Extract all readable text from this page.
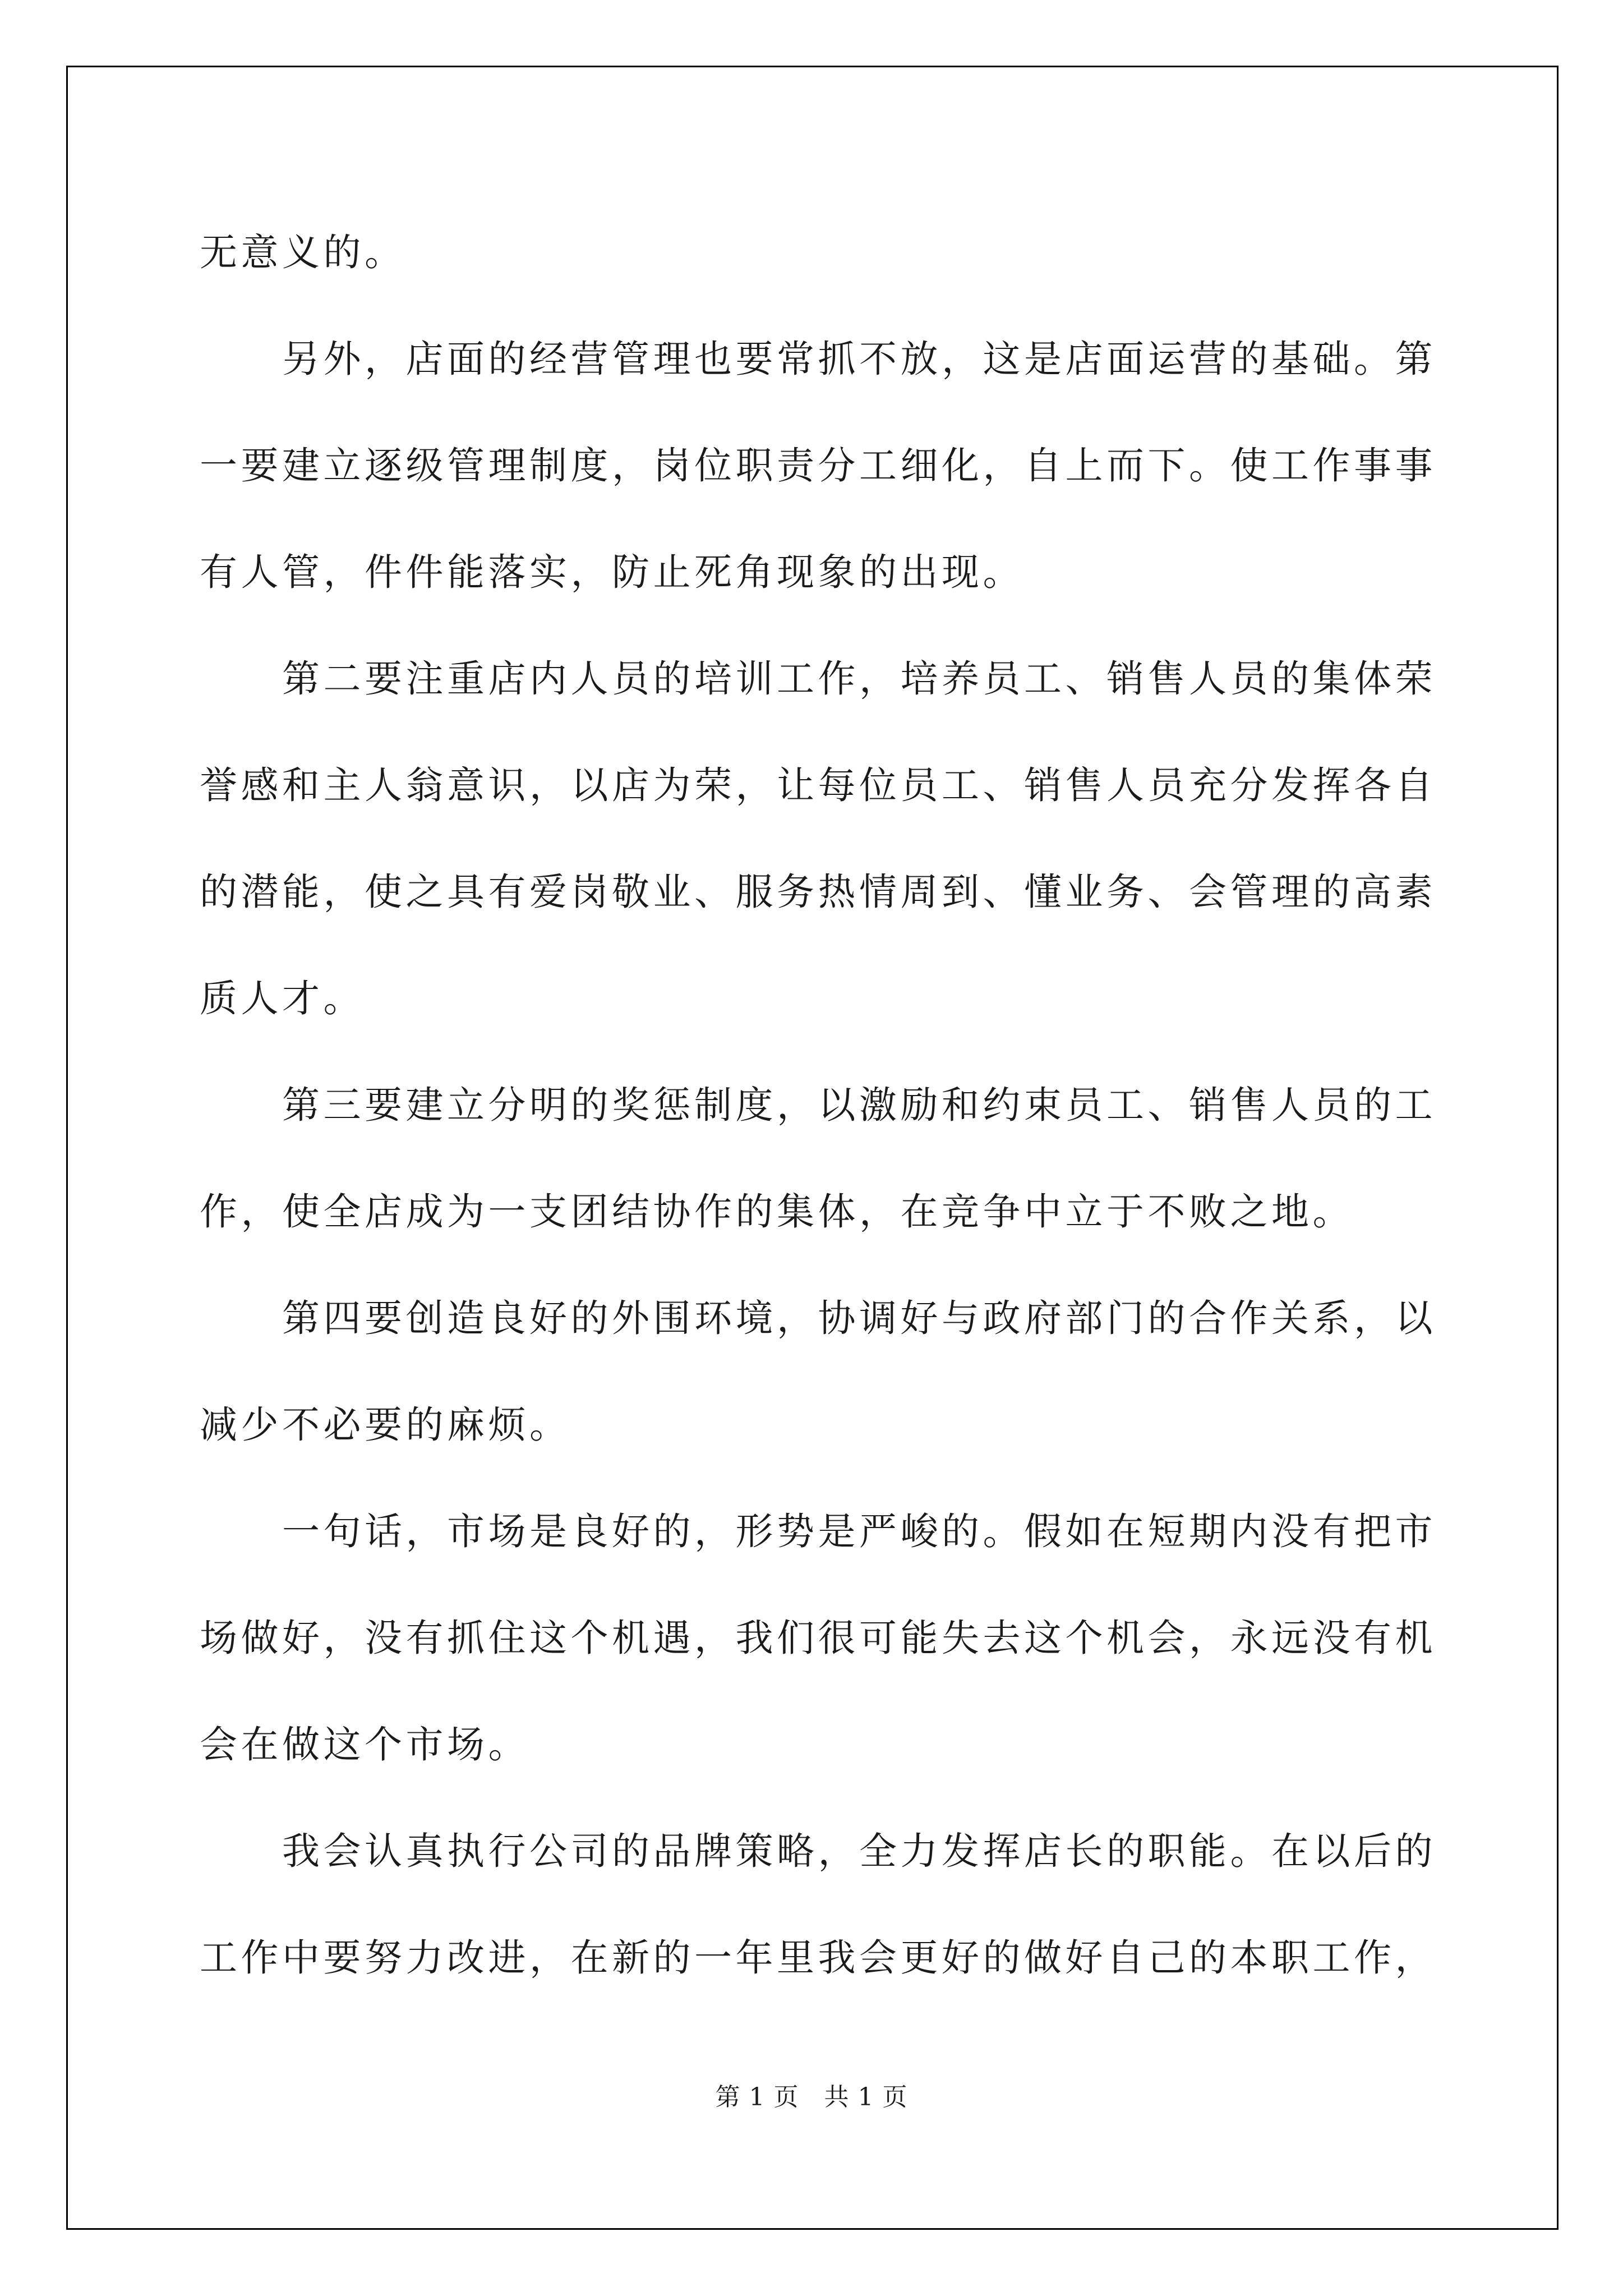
无意义的。
　　另外，店面的经营管理也要常抓不放，这是店面运营的基础。第
一要建立逐级管理制度，岗位职责分工细化，自上而下。使工作事事
有人管，件件能落实，防止死角现象的出现。
　　第二要注重店内人员的培训工作，培养员工、销售人员的集体荣
誉感和主人翁意识，以店为荣，让每位员工、销售人员充分发挥各自
的潜能，使之具有爱岗敬业、服务热情周到、懂业务、会管理的高素
质人才。
　　第三要建立分明的奖惩制度，以激励和约束员工、销售人员的工
作，使全店成为一支团结协作的集体，在竞争中立于不败之地。
　　第四要创造良好的外围环境，协调好与政府部门的合作关系，以
减少不必要的麻烦。
　　一句话，市场是良好的，形势是严峻的。假如在短期内没有把市
场做好，没有抓住这个机遇，我们很可能失去这个机会，永远没有机
会在做这个市场。
　　我会认真执行公司的品牌策略，全力发挥店长的职能。在以后的
工作中要努力改进，在新的一年里我会更好的做好自己的本职工作，
第 1 页　共 1 页
